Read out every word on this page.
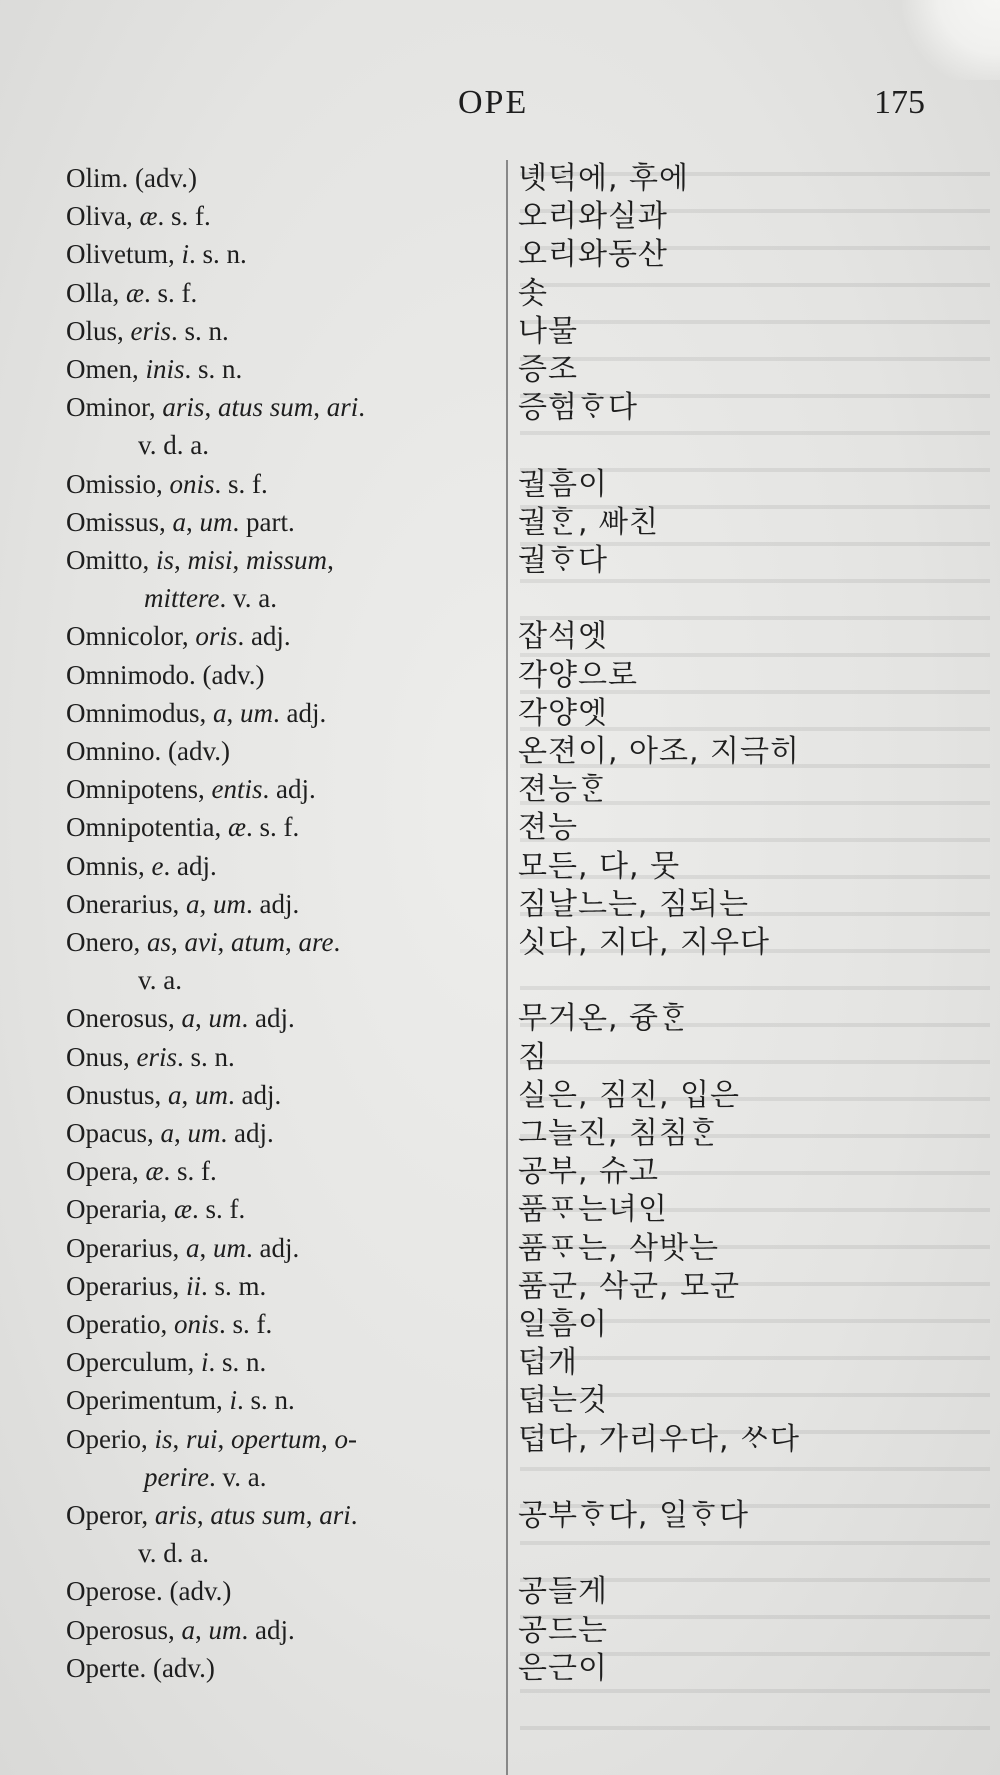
OPE	175
Olim. (adv.)	녯덕에, 후에
Oliva, æ. s. f.	오리와실과
Olivetum, i. s. n.	오리와동산
Olla, æ. s. f.	솟
Olus, eris. s. n.	나물
Omen, inis. s. n.	증조
Ominor, aris, atus sum, ari.	증험ᄒᆞ다
v. d. a.
Omissio, onis. s. f.	궐흠이
Omissus, a, um. part.	궐ᄒᆞᆫ, ᄲᅡ친
Omitto, is, misi, missum,	궐ᄒᆞ다
mittere. v. a.
Omnicolor, oris. adj.	잡석엣
Omnimodo. (adv.)	각양으로
Omnimodus, a, um. adj.	각양엣
Omnino. (adv.)	온젼이, 아조, 지극히
Omnipotens, entis. adj.	젼능ᄒᆞᆫ
Omnipotentia, æ. s. f.	젼능
Omnis, e. adj.	모든, 다, 뭇
Onerarius, a, um. adj.	짐날느는, 짐되는
Onero, as, avi, atum, are.	싯다, 지다, 지우다
v. a.
Onerosus, a, um. adj.	무거온, 즁ᄒᆞᆫ
Onus, eris. s. n.	짐
Onustus, a, um. adj.	실은, 짐진, 입은
Opacus, a, um. adj.	그늘진, 침침ᄒᆞᆫ
Opera, æ. s. f.	공부, 슈고
Operaria, æ. s. f.	품ᄑᆞ는녀인
Operarius, a, um. adj.	품ᄑᆞ는, 삭밧는
Operarius, ii. s. m.	품군, 삭군, 모군
Operatio, onis. s. f.	일흠이
Operculum, i. s. n.	덥개
Operimentum, i. s. n.	덥는것
Operio, is, rui, opertum, o-	덥다, 가리우다, ᄊᆞ다
perire. v. a.
Operor, aris, atus sum, ari.	공부ᄒᆞ다, 일ᄒᆞ다
v. d. a.
Operose. (adv.)	공들게
Operosus, a, um. adj.	공드는
Operte. (adv.)	은근이
